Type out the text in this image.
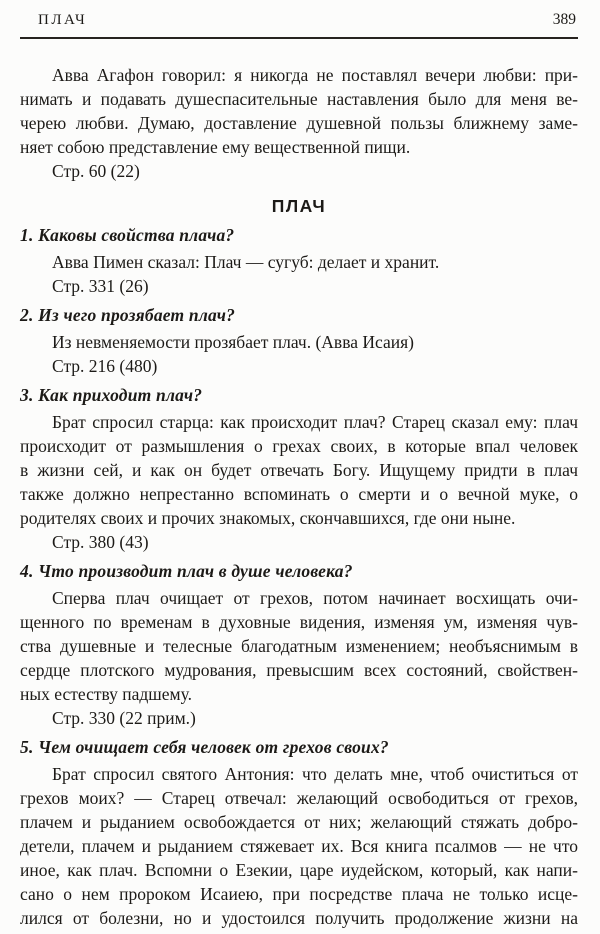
ПЛАЧ	389
Авва Агафон говорил: я никогда не поставлял вечери любви: при-
нимать и подавать душеспасительные наставления было для меня ве-
черею любви. Думаю, доставление душевной пользы ближнему заме-
няет собою представление ему вещественной пищи.
Стр. 60 (22)
ПЛАЧ
1. Каковы свойства плача?
Авва Пимен сказал: Плач — сугуб: делает и хранит.
Стр. 331 (26)
2. Из чего прозябает плач?
Из невменяемости прозябает плач. (Авва Исаия)
Стр. 216 (480)
3. Как приходит плач?
Брат спросил старца: как происходит плач? Старец сказал ему: плач
происходит от размышления о грехах своих, в которые впал человек
в жизни сей, и как он будет отвечать Богу. Ищущему придти в плач
также должно непрестанно вспоминать о смерти и о вечной муке, о
родителях своих и прочих знакомых, скончавшихся, где они ныне.
Стр. 380 (43)
4. Что производит плач в душе человека?
Сперва плач очищает от грехов, потом начинает восхищать очи-
щенного по временам в духовные видения, изменяя ум, изменяя чув-
ства душевные и телесные благодатным изменением; необъяснимым в
сердце плотского мудрования, превысшим всех состояний, свойствен-
ных естеству падшему.
Стр. 330 (22 прим.)
5. Чем очищает себя человек от грехов своих?
Брат спросил святого Антония: что делать мне, чтоб очиститься от
грехов моих? — Старец отвечал: желающий освободиться от грехов,
плачем и рыданием освобождается от них; желающий стяжать добро-
детели, плачем и рыданием стяжевает их. Вся книга псалмов — не что
иное, как плач. Вспомни о Езекии, царе иудейском, который, как напи-
сано о нем пророком Исаиею, при посредстве плача не только исце-
лился от болезни, но и удостоился получить продолжение жизни на
